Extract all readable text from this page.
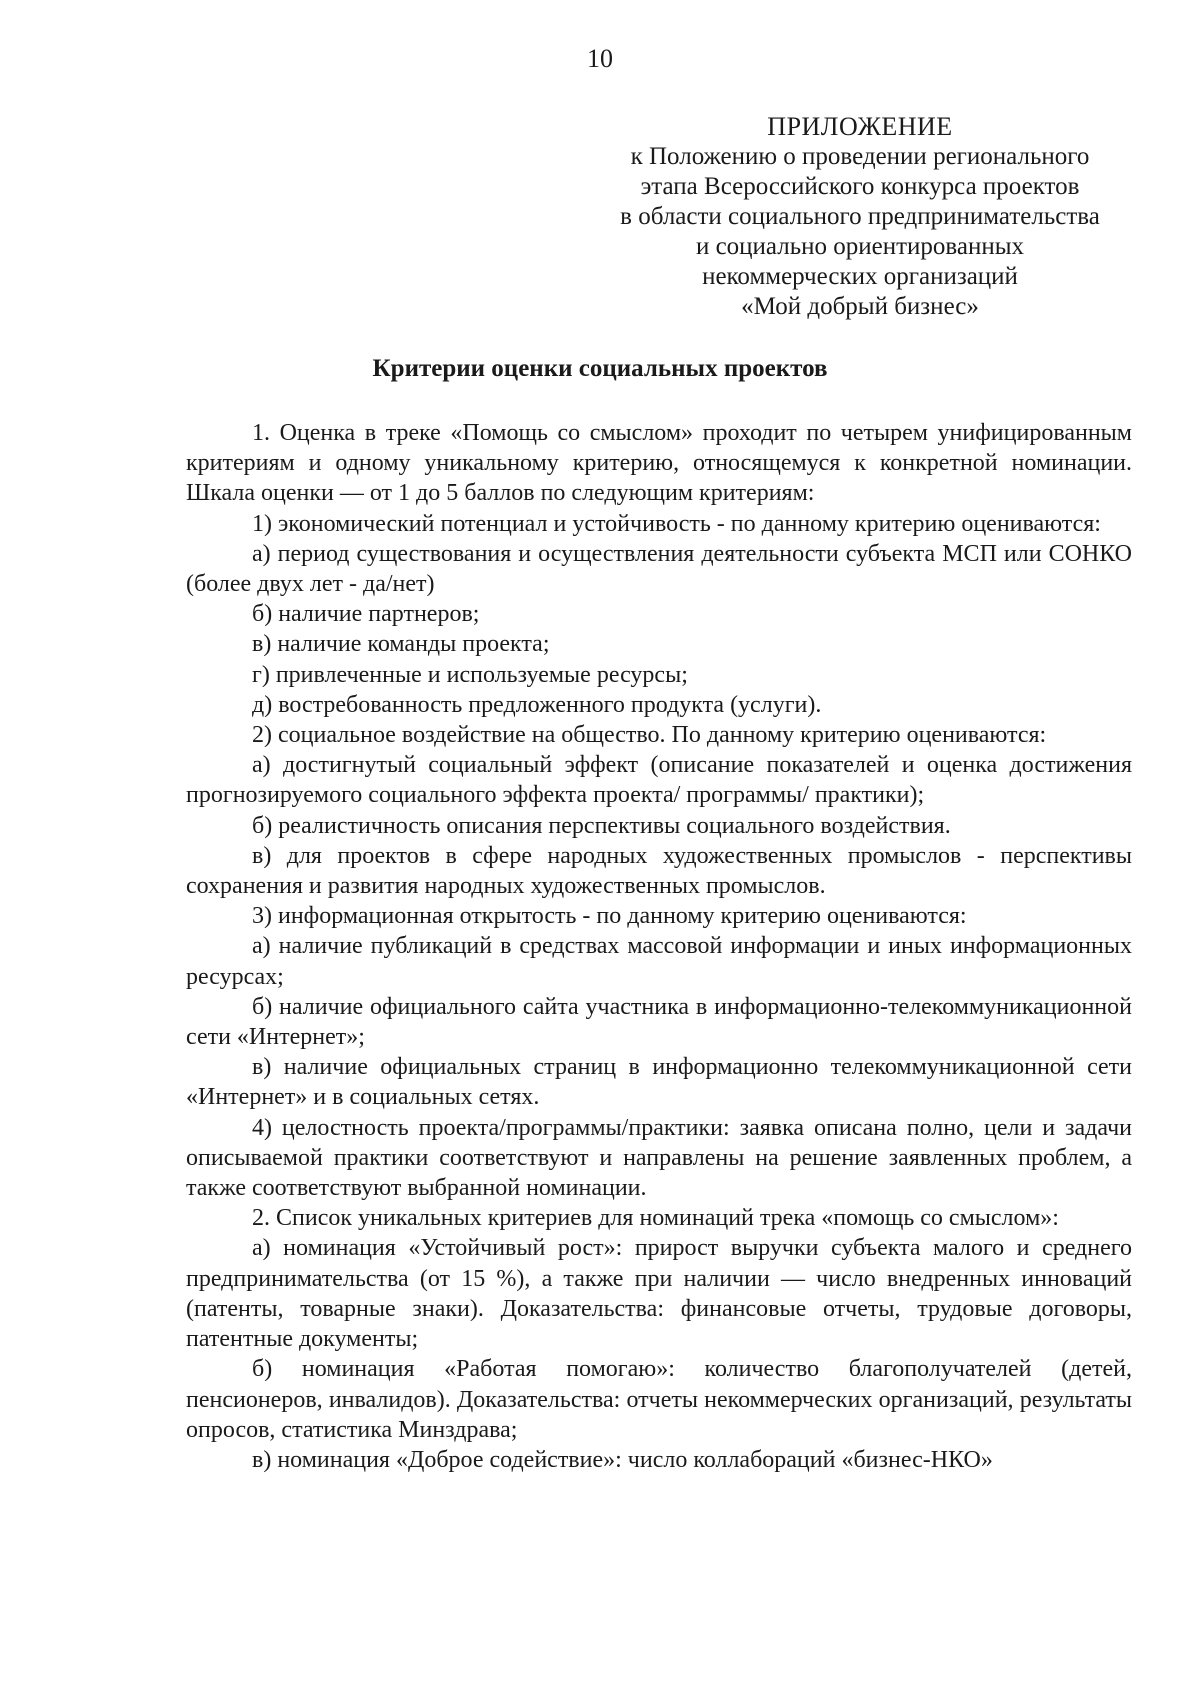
10
ПРИЛОЖЕНИЕ
к Положению о проведении регионального
этапа Всероссийского конкурса проектов
в области социального предпринимательства
и социально ориентированных
некоммерческих организаций
«Мой добрый бизнес»
Критерии оценки социальных проектов

1. Оценка в треке «Помощь со смыслом» проходит по четырем унифицированным критериям и одному уникальному критерию, относящемуся к конкретной номинации. Шкала оценки — от 1 до 5 баллов по следующим критериям:

1) экономический потенциал и устойчивость - по данному критерию оцениваются:

а) период существования и осуществления деятельности субъекта МСП или СОНКО (более двух лет - да/нет)

б) наличие партнеров;

в) наличие команды проекта;

г) привлеченные и используемые ресурсы;

д) востребованность предложенного продукта (услуги).

2) социальное воздействие на общество. По данному критерию оцениваются:

а) достигнутый социальный эффект (описание показателей и оценка достижения прогнозируемого социального эффекта проекта/ программы/ практики);

б) реалистичность описания перспективы социального воздействия.

в) для проектов в сфере народных художественных промыслов - перспективы сохранения и развития народных художественных промыслов.

3) информационная открытость - по данному критерию оцениваются:

а) наличие публикаций в средствах массовой информации и иных информационных ресурсах;

б) наличие официального сайта участника в информационно-телекоммуникационной сети «Интернет»;

в) наличие официальных страниц в информационно телекоммуникационной сети «Интернет» и в социальных сетях.

4) целостность проекта/программы/практики: заявка описана полно, цели и задачи описываемой практики соответствуют и направлены на решение заявленных проблем, а также соответствуют выбранной номинации.

2. Список уникальных критериев для номинаций трека «помощь со смыслом»:

а) номинация «Устойчивый рост»: прирост выручки субъекта малого и среднего предпринимательства (от 15 %), а также при наличии — число внедренных инноваций (патенты, товарные знаки). Доказательства: финансовые отчеты, трудовые договоры, патентные документы;

б) номинация «Работая помогаю»: количество благополучателей (детей, пенсионеров, инвалидов). Доказательства: отчеты некоммерческих организаций, результаты опросов, статистика Минздрава;

в) номинация «Доброе содействие»: число коллабораций «бизнес-НКО»
